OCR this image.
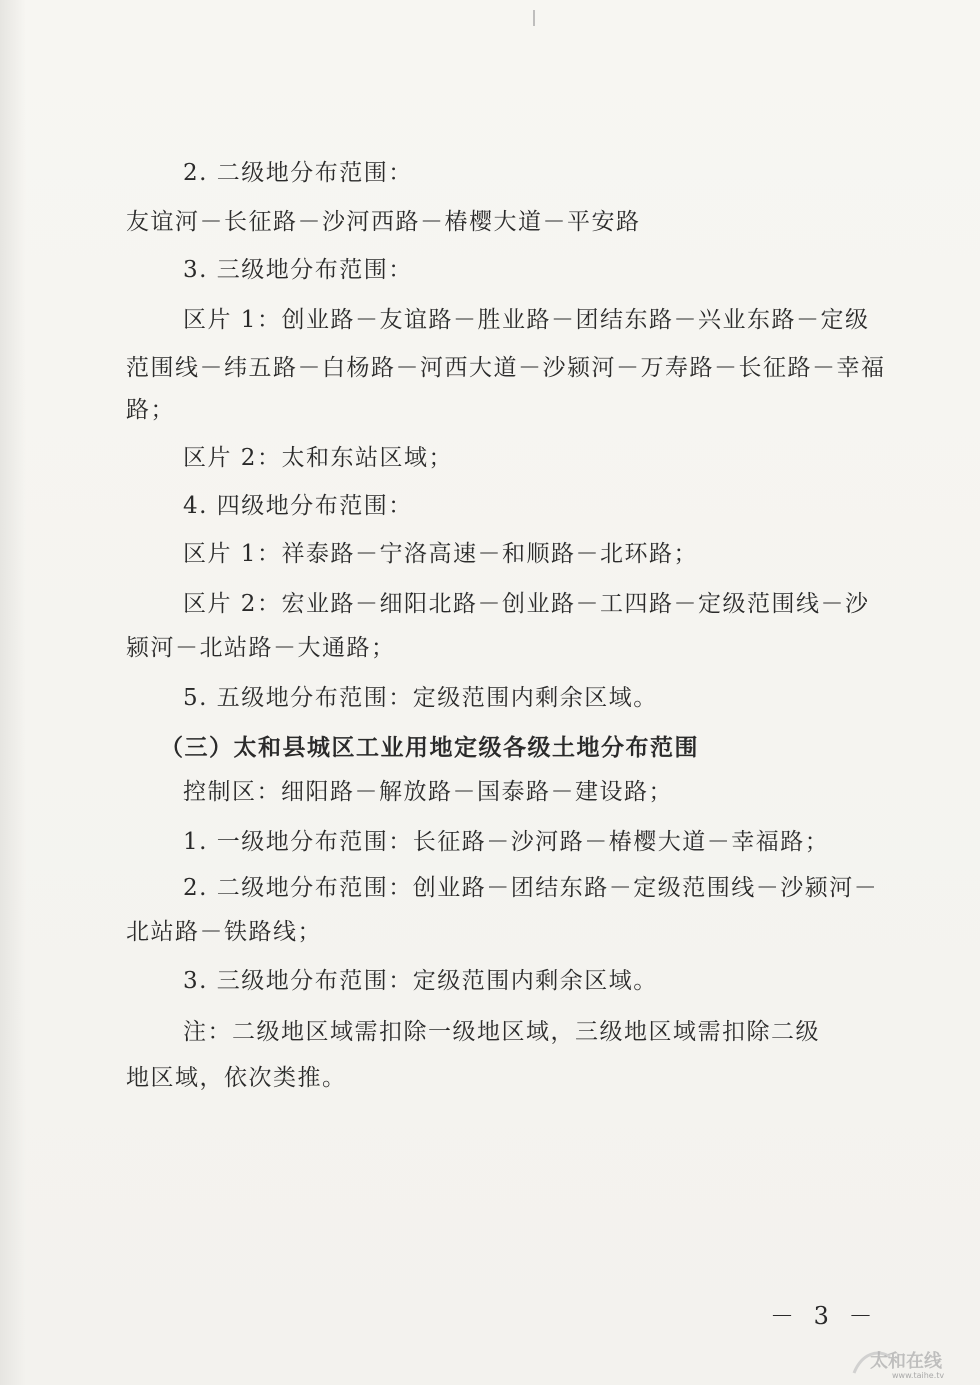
2. 二级地分布范围：
友谊河－长征路－沙河西路－椿樱大道－平安路
3. 三级地分布范围：
区片 1：创业路－友谊路－胜业路－团结东路－兴业东路－定级
范围线－纬五路－白杨路－河西大道－沙颍河－万寿路－长征路－幸福
路；
区片 2：太和东站区域；
4. 四级地分布范围：
区片 1：祥泰路－宁洛高速－和顺路－北环路；
区片 2：宏业路－细阳北路－创业路－工四路－定级范围线－沙
颍河－北站路－大通路；
5. 五级地分布范围：定级范围内剩余区域。
（三）太和县城区工业用地定级各级土地分布范围
控制区：细阳路－解放路－国泰路－建设路；
1. 一级地分布范围：长征路－沙河路－椿樱大道－幸福路；
2. 二级地分布范围：创业路－团结东路－定级范围线－沙颍河－
北站路－铁路线；
3. 三级地分布范围：定级范围内剩余区域。
注：二级地区域需扣除一级地区域，三级地区域需扣除二级
地区域，依次类推。
－ 3 －
太和在线
www.taihe.tv
